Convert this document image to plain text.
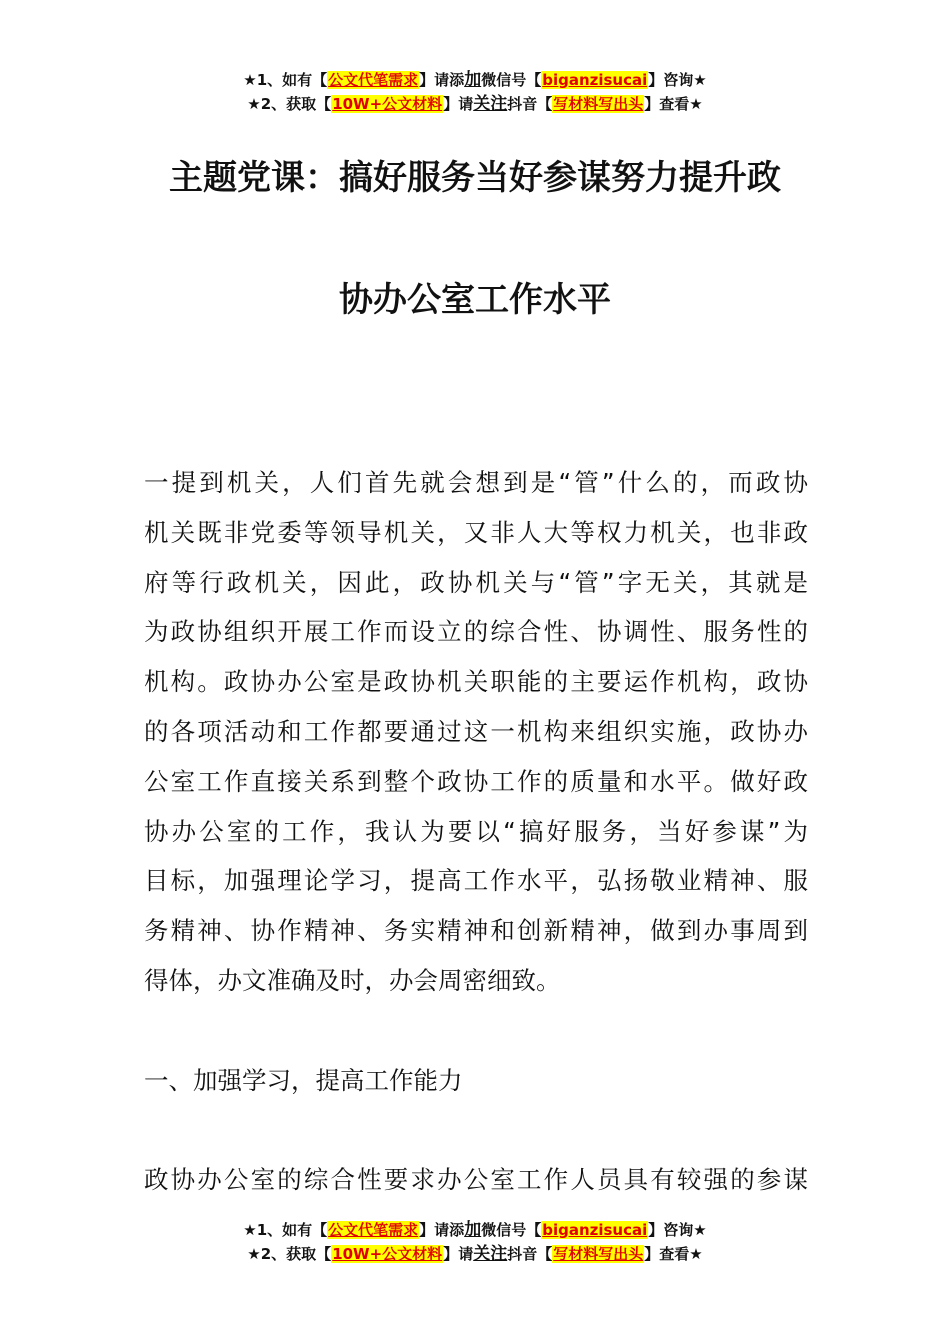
★1、如有【公文代笔需求】请添加微信号【biganzisucai】咨询★
★2、获取【10W+公文材料】请关注抖音【写材料写出头】查看★
主题党课：搞好服务当好参谋努力提升政
协办公室工作水平
一提到机关，人们首先就会想到是“管”什么的，而政协
机关既非党委等领导机关，又非人大等权力机关，也非政
府等行政机关，因此，政协机关与“管”字无关，其就是
为政协组织开展工作而设立的综合性、协调性、服务性的
机构。政协办公室是政协机关职能的主要运作机构，政协
的各项活动和工作都要通过这一机构来组织实施，政协办
公室工作直接关系到整个政协工作的质量和水平。做好政
协办公室的工作，我认为要以“搞好服务，当好参谋”为
目标，加强理论学习，提高工作水平，弘扬敬业精神、服
务精神、协作精神、务实精神和创新精神，做到办事周到
得体，办文准确及时，办会周密细致。
一、加强学习，提高工作能力
政协办公室的综合性要求办公室工作人员具有较强的参谋
★1、如有【公文代笔需求】请添加微信号【biganzisucai】咨询★
★2、获取【10W+公文材料】请关注抖音【写材料写出头】查看★
